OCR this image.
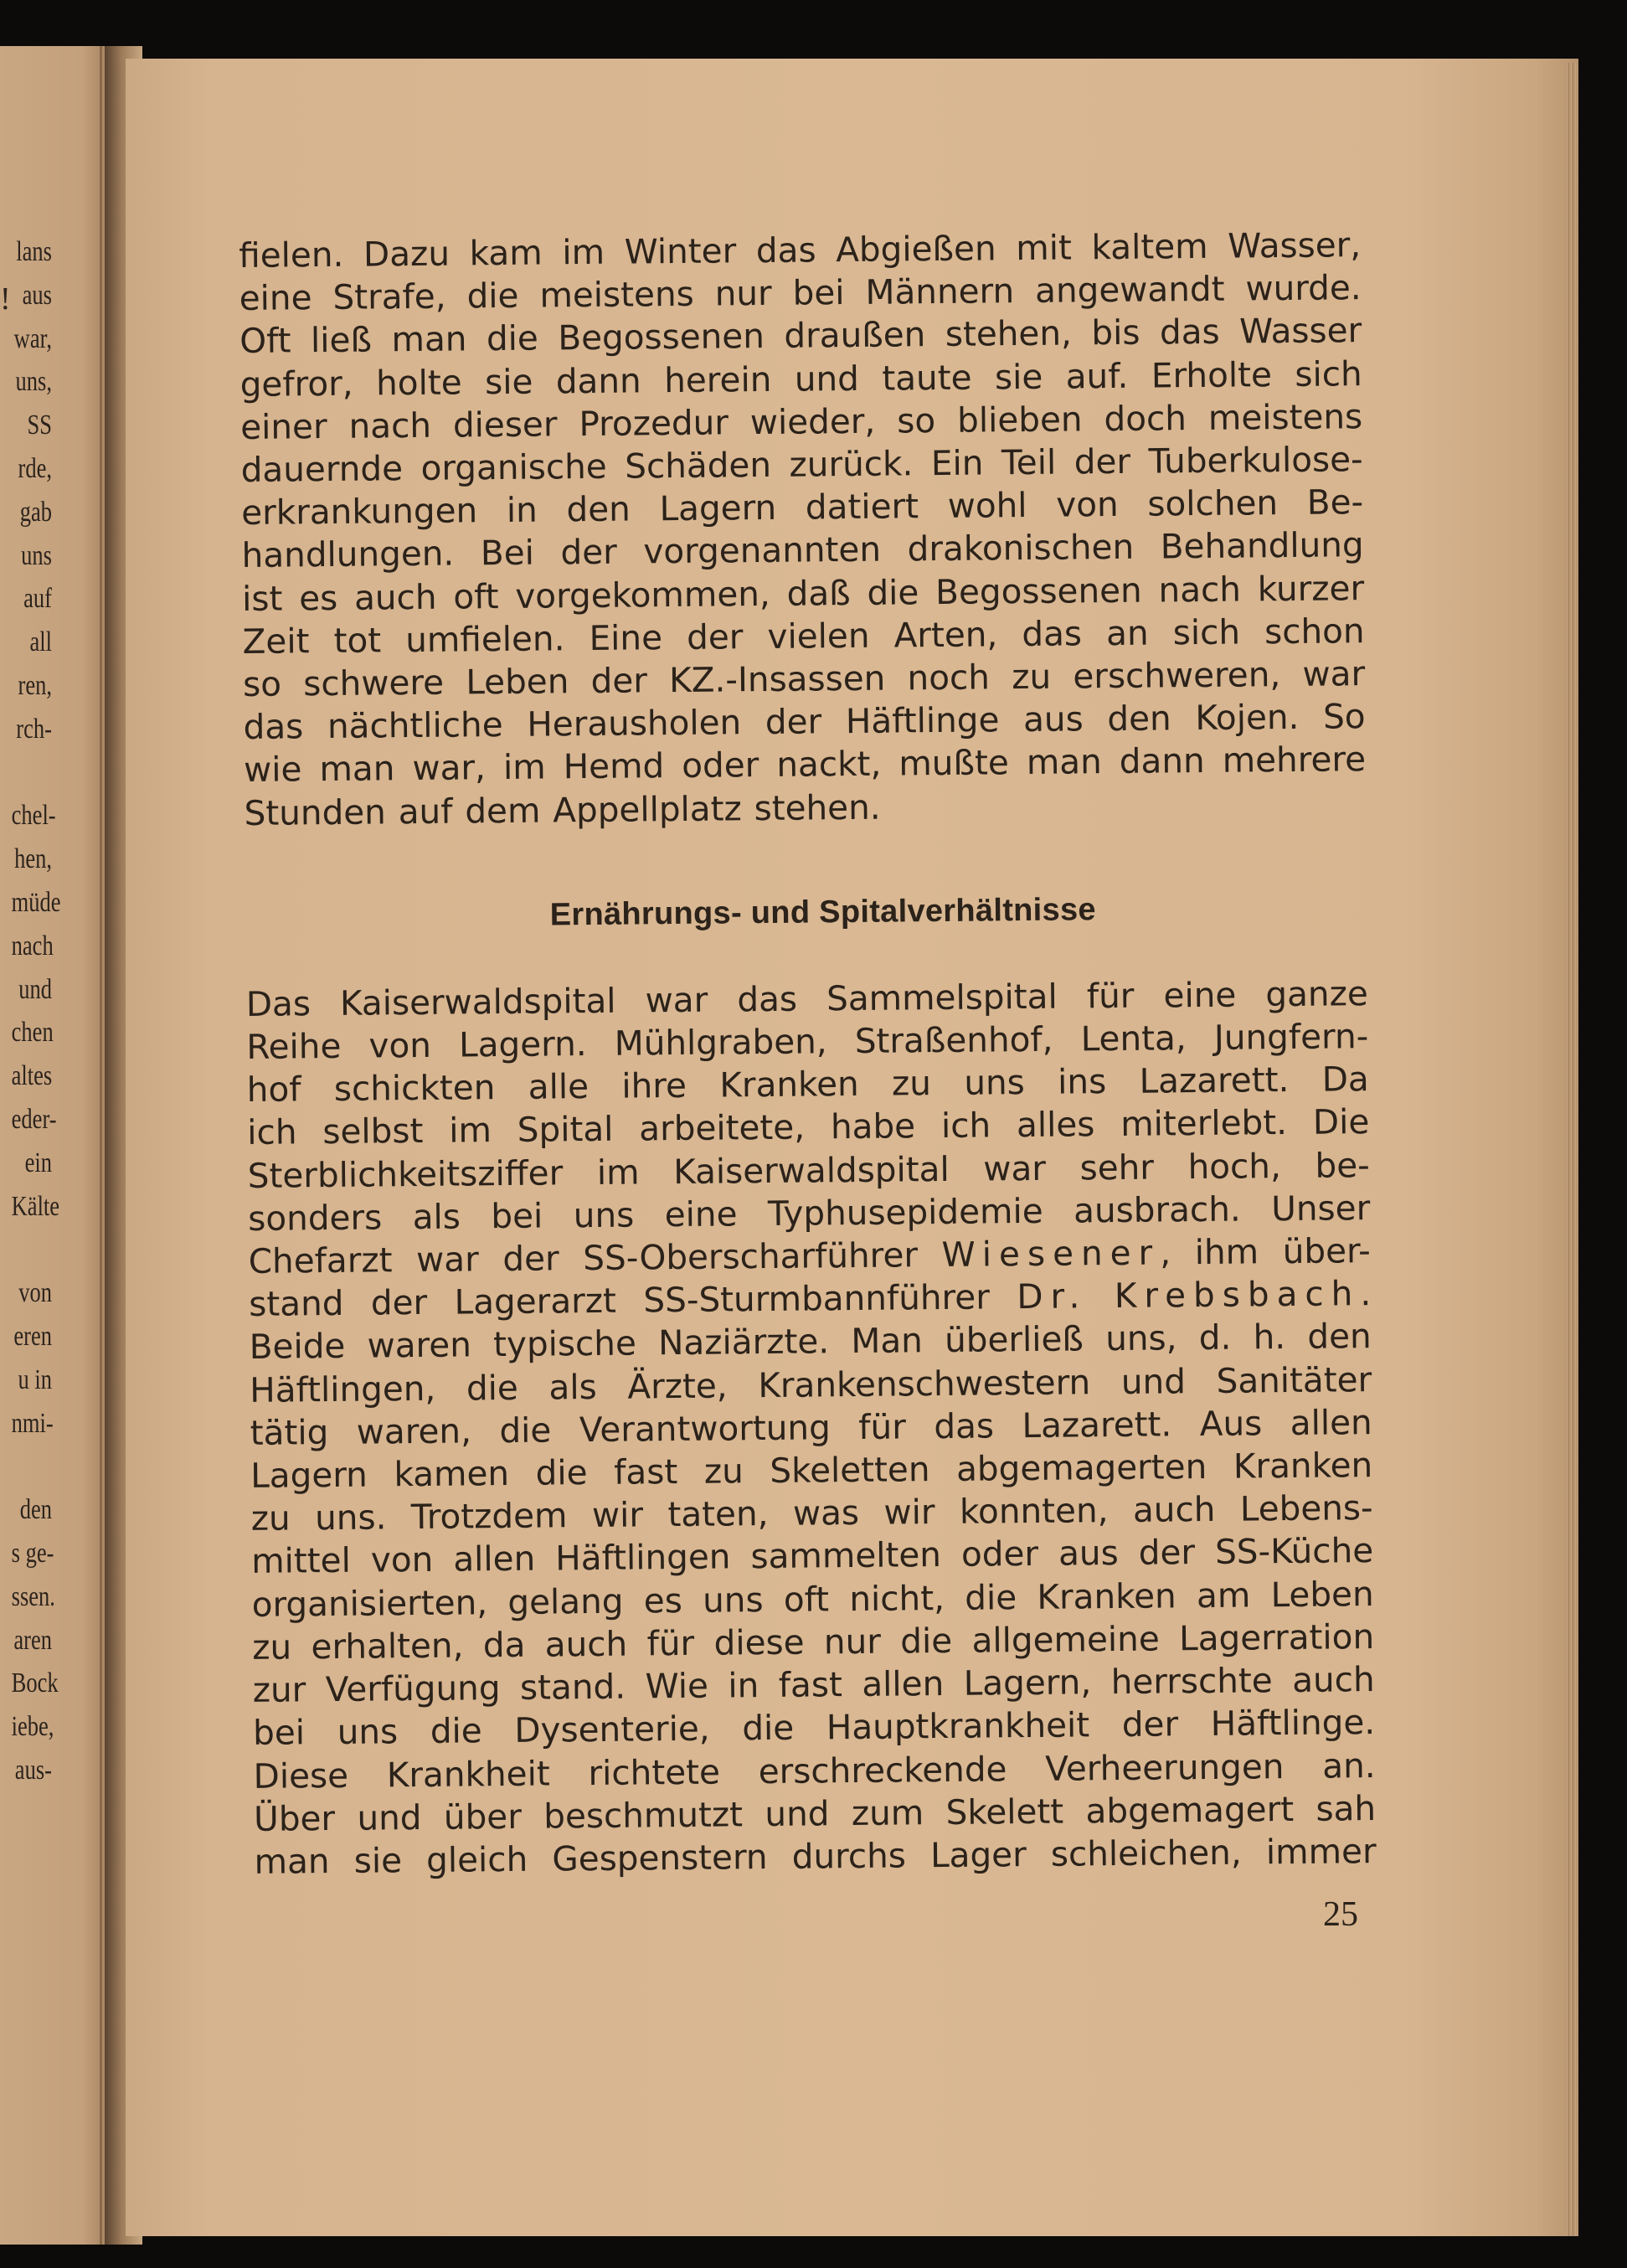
!
lans
aus
war,
uns,
SS
rde,
gab
uns
auf
all
ren,
rch-
chel-
hen,
müde
nach
und
chen
altes
eder-
ein
Kälte
von
eren
u in
nmi-
den
s ge-
ssen.
aren
Bock
iebe,
aus-
fielen. Dazu kam im Winter das Abgießen mit kaltem Wasser,
eine Strafe, die meistens nur bei Männern angewandt wurde.
Oft ließ man die Begossenen draußen stehen, bis das Wasser
gefror, holte sie dann herein und taute sie auf. Erholte sich
einer nach dieser Prozedur wieder, so blieben doch meistens
dauernde organische Schäden zurück. Ein Teil der Tuberkulose-
erkrankungen in den Lagern datiert wohl von solchen Be-
handlungen. Bei der vorgenannten drakonischen Behandlung
ist es auch oft vorgekommen, daß die Begossenen nach kurzer
Zeit tot umfielen. Eine der vielen Arten, das an sich schon
so schwere Leben der KZ.-Insassen noch zu erschweren, war
das nächtliche Herausholen der Häftlinge aus den Kojen. So
wie man war, im Hemd oder nackt, mußte man dann mehrere
Stunden auf dem Appellplatz stehen.
Ernährungs- und Spitalverhältnisse
Das Kaiserwaldspital war das Sammelspital für eine ganze
Reihe von Lagern. Mühlgraben, Straßenhof, Lenta, Jungfern-
hof schickten alle ihre Kranken zu uns ins Lazarett. Da
ich selbst im Spital arbeitete, habe ich alles miterlebt. Die
Sterblichkeitsziffer im Kaiserwaldspital war sehr hoch, be-
sonders als bei uns eine Typhusepidemie ausbrach. Unser
Chefarzt war der SS-Oberscharführer Wiesener, ihm über-
stand der Lagerarzt SS-Sturmbannführer Dr. Krebsbach.
Beide waren typische Naziärzte. Man überließ uns, d. h. den
Häftlingen, die als Ärzte, Krankenschwestern und Sanitäter
tätig waren, die Verantwortung für das Lazarett. Aus allen
Lagern kamen die fast zu Skeletten abgemagerten Kranken
zu uns. Trotzdem wir taten, was wir konnten, auch Lebens-
mittel von allen Häftlingen sammelten oder aus der SS-Küche
organisierten, gelang es uns oft nicht, die Kranken am Leben
zu erhalten, da auch für diese nur die allgemeine Lagerration
zur Verfügung stand. Wie in fast allen Lagern, herrschte auch
bei uns die Dysenterie, die Hauptkrankheit der Häftlinge.
Diese Krankheit richtete erschreckende Verheerungen an.
Über und über beschmutzt und zum Skelett abgemagert sah
man sie gleich Gespenstern durchs Lager schleichen, immer
25
